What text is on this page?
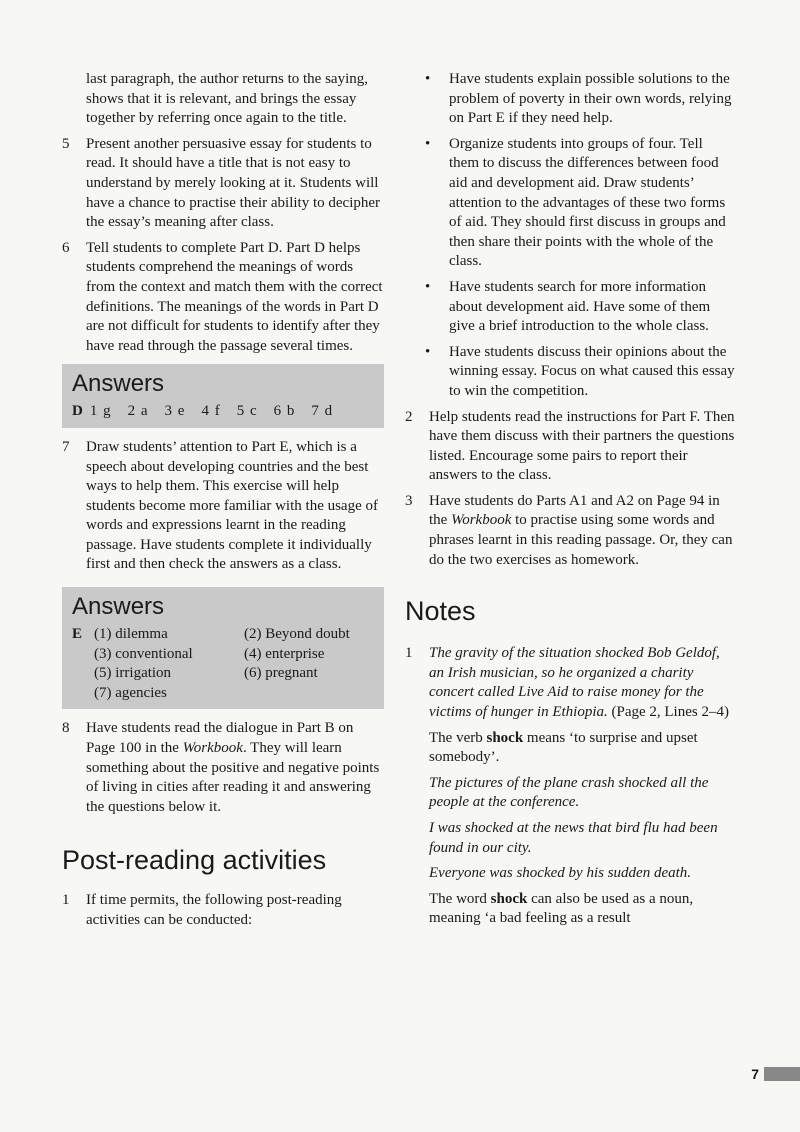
last paragraph, the author returns to the saying, shows that it is relevant, and brings the essay together by referring once again to the title.
5	Present another persuasive essay for students to read. It should have a title that is not easy to understand by merely looking at it. Students will have a chance to practise their ability to decipher the essay’s meaning after class.
6	Tell students to complete Part D. Part D helps students comprehend the meanings of words from the context and match them with the correct definitions. The meanings of the words in Part D are not difficult for students to identify after they have read through the passage several times.
Answers
D 1 g 2 a 3 e 4 f 5 c 6 b 7 d
7	Draw students’ attention to Part E, which is a speech about developing countries and the best ways to help them. This exercise will help students become more familiar with the usage of words and expressions learnt in the reading passage. Have students complete it individually first and then check the answers as a class.
Answers
E (1) dilemma	(2) Beyond doubt
(3) conventional	(4) enterprise
(5) irrigation	(6) pregnant
(7) agencies
8	Have students read the dialogue in Part B on Page 100 in the Workbook. They will learn something about the positive and negative points of living in cities after reading it and answering the questions below it.
Post-reading activities
1	If time permits, the following post-reading activities can be conducted:
•	Have students explain possible solutions to the problem of poverty in their own words, relying on Part E if they need help.
•	Organize students into groups of four. Tell them to discuss the differences between food aid and development aid. Draw students’ attention to the advantages of these two forms of aid. They should first discuss in groups and then share their points with the whole of the class.
•	Have students search for more information about development aid. Have some of them give a brief introduction to the whole class.
•	Have students discuss their opinions about the winning essay. Focus on what caused this essay to win the competition.
2	Help students read the instructions for Part F. Then have them discuss with their partners the questions listed. Encourage some pairs to report their answers to the class.
3	Have students do Parts A1 and A2 on Page 94 in the Workbook to practise using some words and phrases learnt in this reading passage. Or, they can do the two exercises as homework.
Notes
1	The gravity of the situation shocked Bob Geldof, an Irish musician, so he organized a charity concert called Live Aid to raise money for the victims of hunger in Ethiopia. (Page 2, Lines 2–4)
The verb shock means ‘to surprise and upset somebody’.
The pictures of the plane crash shocked all the people at the conference.
I was shocked at the news that bird flu had been found in our city.
Everyone was shocked by his sudden death.
The word shock can also be used as a noun, meaning ‘a bad feeling as a result
7
